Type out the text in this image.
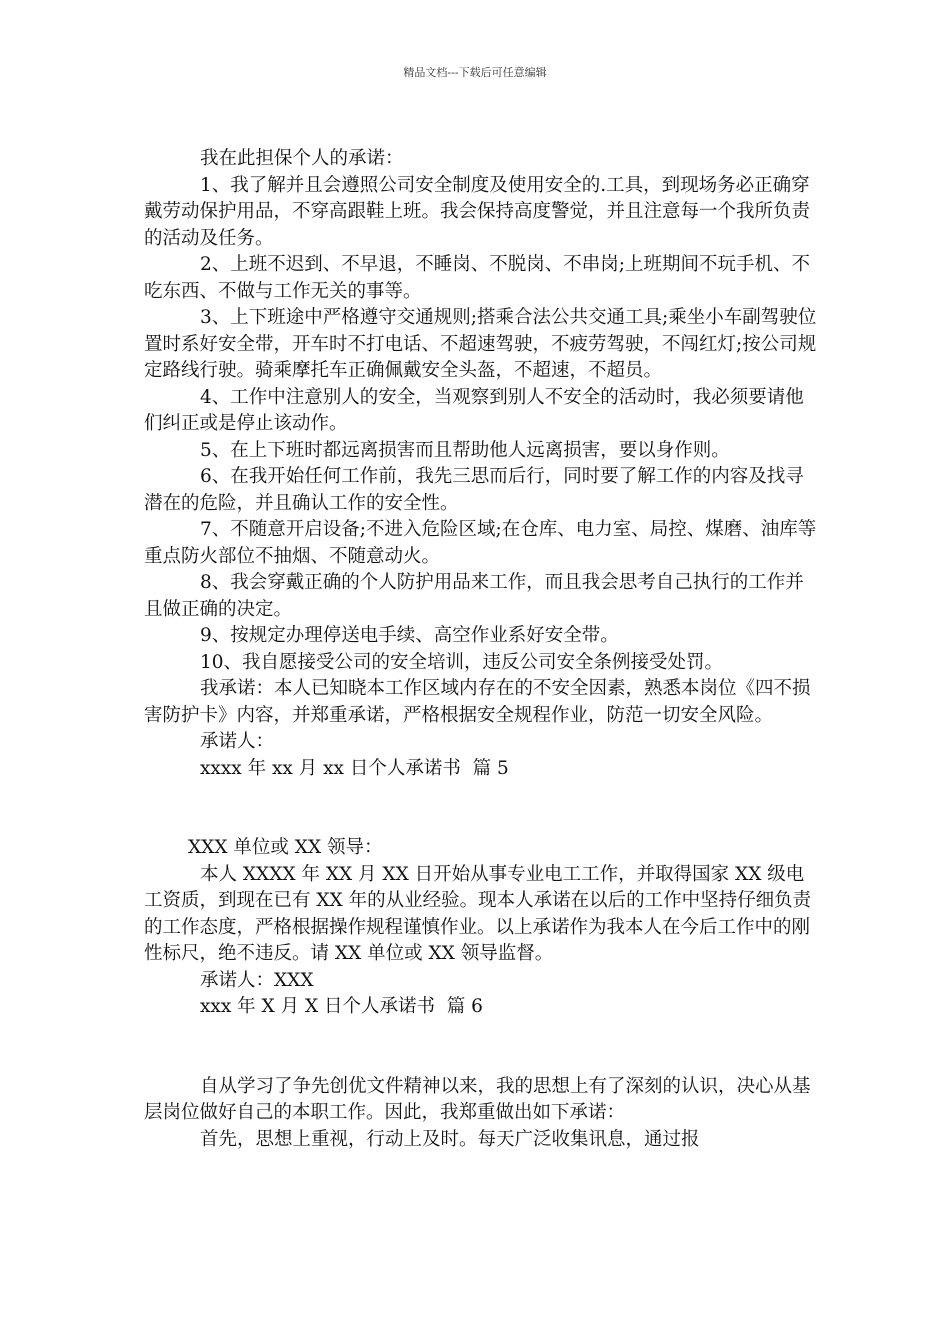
精品文档---下载后可任意编辑

我在此担保个人的承诺：

1、我了解并且会遵照公司安全制度及使用安全的.工具，到现场务必正确穿戴劳动保护用品，不穿高跟鞋上班。我会保持高度警觉，并且注意每一个我所负责的活动及任务。

2、上班不迟到、不早退，不睡岗、不脱岗、不串岗;上班期间不玩手机、不吃东西、不做与工作无关的事等。

3、上下班途中严格遵守交通规则;搭乘合法公共交通工具;乘坐小车副驾驶位置时系好安全带，开车时不打电话、不超速驾驶，不疲劳驾驶，不闯红灯;按公司规定路线行驶。骑乘摩托车正确佩戴安全头盔，不超速，不超员。

4、工作中注意别人的安全，当观察到别人不安全的活动时，我必须要请他们纠正或是停止该动作。

5、在上下班时都远离损害而且帮助他人远离损害，要以身作则。

6、在我开始任何工作前，我先三思而后行，同时要了解工作的内容及找寻潜在的危险，并且确认工作的安全性。

7、不随意开启设备;不进入危险区域;在仓库、电力室、局控、煤磨、油库等重点防火部位不抽烟、不随意动火。

8、我会穿戴正确的个人防护用品来工作，而且我会思考自己执行的工作并且做正确的决定。

9、按规定办理停送电手续、高空作业系好安全带。

10、我自愿接受公司的安全培训，违反公司安全条例接受处罚。

我承诺：本人已知晓本工作区域内存在的不安全因素，熟悉本岗位《四不损害防护卡》内容，并郑重承诺，严格根据安全规程作业，防范一切安全风险。

承诺人：

xxxx 年 xx 月 xx 日个人承诺书  篇 5

XXX 单位或 XX 领导：

本人 XXXX 年 XX 月 XX 日开始从事专业电工工作，并取得国家 XX 级电工资质，到现在已有 XX 年的从业经验。现本人承诺在以后的工作中坚持仔细负责的工作态度，严格根据操作规程谨慎作业。以上承诺作为我本人在今后工作中的刚性标尺，绝不违反。请 XX 单位或 XX 领导监督。

承诺人：XXX

xxx 年 X 月 X 日个人承诺书  篇 6

自从学习了争先创优文件精神以来，我的思想上有了深刻的认识，决心从基层岗位做好自己的本职工作。因此，我郑重做出如下承诺：

首先，思想上重视，行动上及时。每天广泛收集讯息，通过报
